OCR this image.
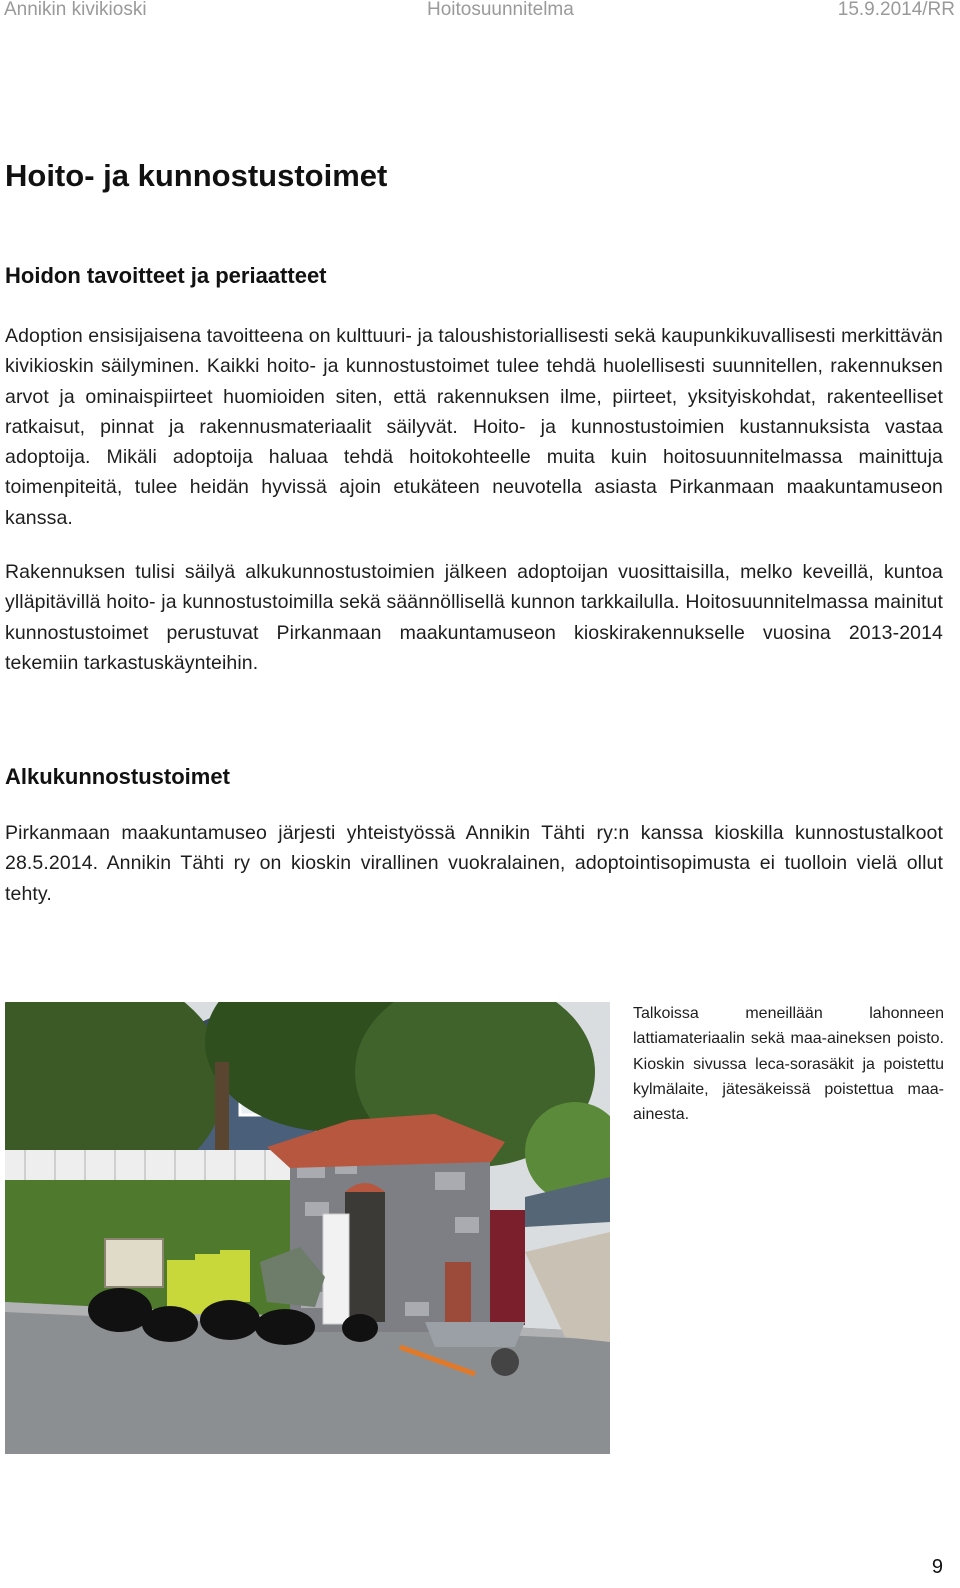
Annikin kivikioski	Hoitosuunnitelma	15.9.2014/RR
Hoito- ja kunnostustoimet
Hoidon tavoitteet ja periaatteet

Adoption ensisijaisena tavoitteena on kulttuuri- ja taloushistoriallisesti sekä kaupunkikuvallisesti merkittävän kivikioskin säilyminen. Kaikki hoito- ja kunnostustoimet tulee tehdä huolellisesti suunnitellen, rakennuksen arvot ja ominaispiirteet huomioiden siten, että rakennuksen ilme, piirteet, yksityiskohdat, rakenteelliset ratkaisut, pinnat ja rakennusmateriaalit säilyvät. Hoito- ja kunnostustoimien kustannuksista vastaa adoptoija. Mikäli adoptoija haluaa tehdä hoitokohteelle muita kuin hoitosuunnitelmassa mainittuja toimenpiteitä, tulee heidän hyvissä ajoin etukäteen neuvotella asiasta Pirkanmaan maakuntamuseon kanssa.

Rakennuksen tulisi säilyä alkukunnostustoimien jälkeen adoptoijan vuosittaisilla, melko keveillä, kuntoa ylläpitävillä hoito- ja kunnostustoimilla sekä säännöllisellä kunnon tarkkailulla. Hoitosuunnitelmassa mainitut kunnostustoimet perustuvat Pirkanmaan maakuntamuseon kioskirakennukselle vuosina 2013-2014 tekemiin tarkastuskäynteihin.

Alkukunnostustoimet

Pirkanmaan maakuntamuseo järjesti yhteistyössä Annikin Tähti ry:n kanssa kioskilla kunnostustalkoot 28.5.2014. Annikin Tähti ry on kioskin virallinen vuokralainen, adoptointisopimusta ei tuolloin vielä ollut tehty.

Talkoissa meneillään lahonneen lattiamateriaalin sekä maa-aineksen poisto. Kioskin sivussa leca-sorasäkit ja poistettu kylmälaite, jätesäkeissä poistettua maa-ainesta.

9
